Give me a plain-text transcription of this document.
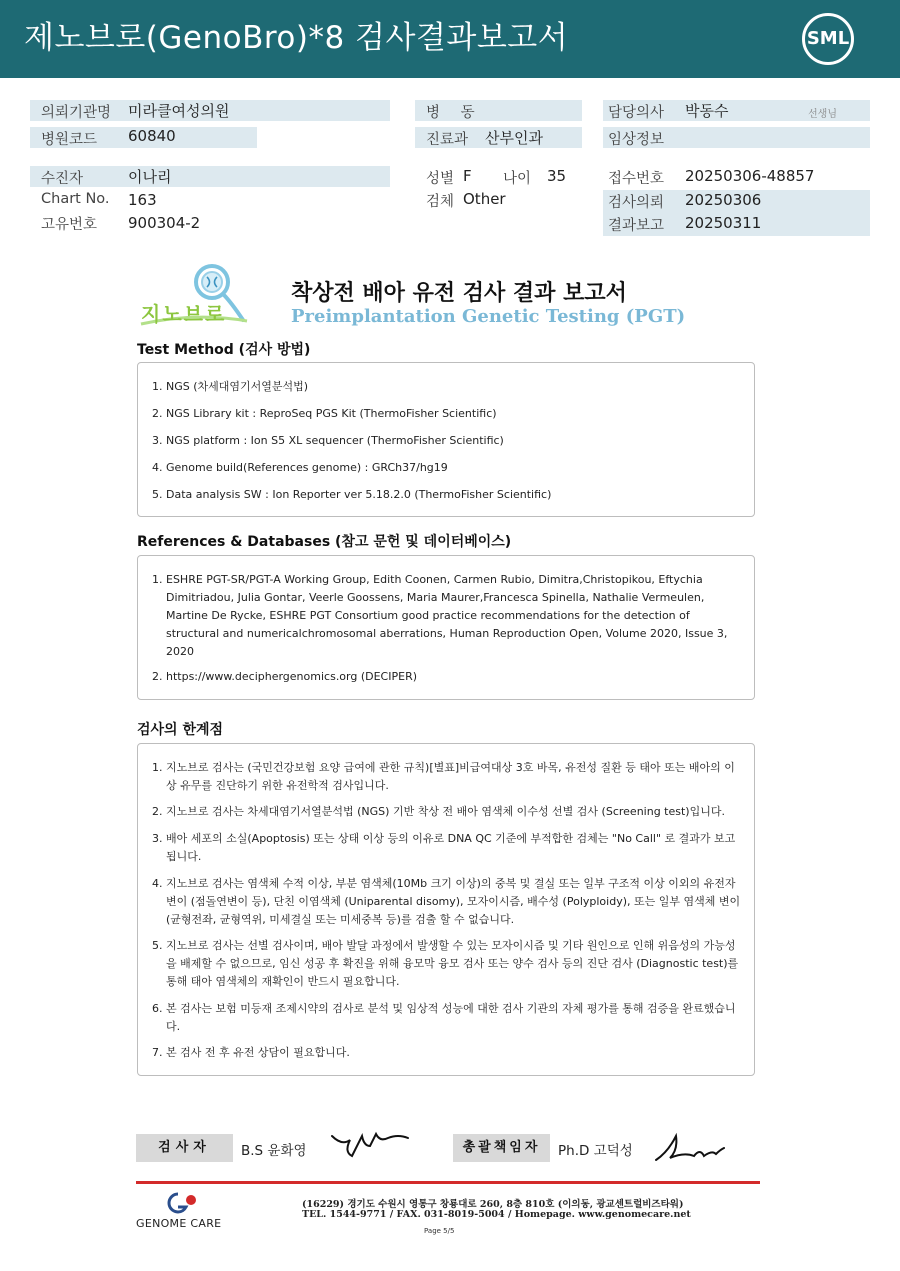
제노브로(GenoBro)*8 검사결과보고서	SML
의뢰기관명 미라클여성의원
병원코드 60840
수진자	이나리
Chart No. 163
고유번호 900304-2
병 동
진료과 산부인과
성별 F 나이 35
검체 Other
담당의사 박동수	선생님
임상정보
접수번호 20250306-48857
검사의뢰 20250306
결과보고 20250311
지노브로
착상전 배아 유전 검사 결과 보고서
Preimplantation Genetic Testing (PGT)
Test Method (검사 방법)
1. NGS (차세대염기서열분석법)
2. NGS Library kit : ReproSeq PGS Kit (ThermoFisher Scientific)
3. NGS platform : Ion S5 XL sequencer (ThermoFisher Scientific)
4. Genome build(References genome) : GRCh37/hg19
5. Data analysis SW : Ion Reporter ver 5.18.2.0 (ThermoFisher Scientific)
References & Databases (참고 문헌 및 데이터베이스)
1. ESHRE PGT-SR/PGT-A Working Group, Edith Coonen, Carmen Rubio, Dimitra,Christopikou, Eftychia Dimitriadou, Julia Gontar, Veerle Goossens, Maria Maurer,Francesca Spinella, Nathalie Vermeulen, Martine De Rycke, ESHRE PGT Consortium good practice recommendations for the detection of structural and numericalchromosomal aberrations, Human Reproduction Open, Volume 2020, Issue 3, 2020
2. https://www.deciphergenomics.org (DECIPER)
검사의 한계점
1. 지노브로 검사는 (국민건강보험 요양 급여에 관한 규칙)[별표]비급여대상 3호 바목, 유전성 질환 등 태아 또는 배아의 이상 유무를 진단하기 위한 유전학적 검사입니다.
2. 지노브로 검사는 차세대염기서열분석법 (NGS) 기반 착상 전 배아 염색체 이수성 선별 검사 (Screening test)입니다.
3. 배아 세포의 소실(Apoptosis) 또는 상태 이상 등의 이유로 DNA QC 기준에 부적합한 검체는 "No Call" 로 결과가 보고됩니다.
4. 지노브로 검사는 염색체 수적 이상, 부분 염색체(10Mb 크기 이상)의 중복 및 결실 또는 일부 구조적 이상 이외의 유전자 변이 (점돌연변이 등), 단친 이염색체 (Uniparental disomy), 모자이시즘, 배수성 (Polyploidy), 또는 일부 염색체 변이(균형전좌, 균형역위, 미세결실 또는 미세중복 등)를 검출 할 수 없습니다.
5. 지노브로 검사는 선별 검사이며, 배아 발달 과정에서 발생할 수 있는 모자이시즘 및 기타 원인으로 인해 위음성의 가능성을 배제할 수 없으므로, 임신 성공 후 확진을 위해 융모막 융모 검사 또는 양수 검사 등의 진단 검사 (Diagnostic test)를 통해 태아 염색체의 재확인이 반드시 필요합니다.
6. 본 검사는 보험 미등재 조제시약의 검사로 분석 및 임상적 성능에 대한 검사 기관의 자체 평가를 통해 검증을 완료했습니다.
7. 본 검사 전 후 유전 상담이 필요합니다.
검사자	B.S 윤화영	총괄책임자	Ph.D 고덕성
GENOME CARE
(16229) 경기도 수원시 영통구 창룡대로 260, 8층 810호 (이의동, 광교센트럴비즈타워)
TEL. 1544-9771 / FAX. 031-8019-5004 / Homepage. www.genomecare.net
Page 5/5
